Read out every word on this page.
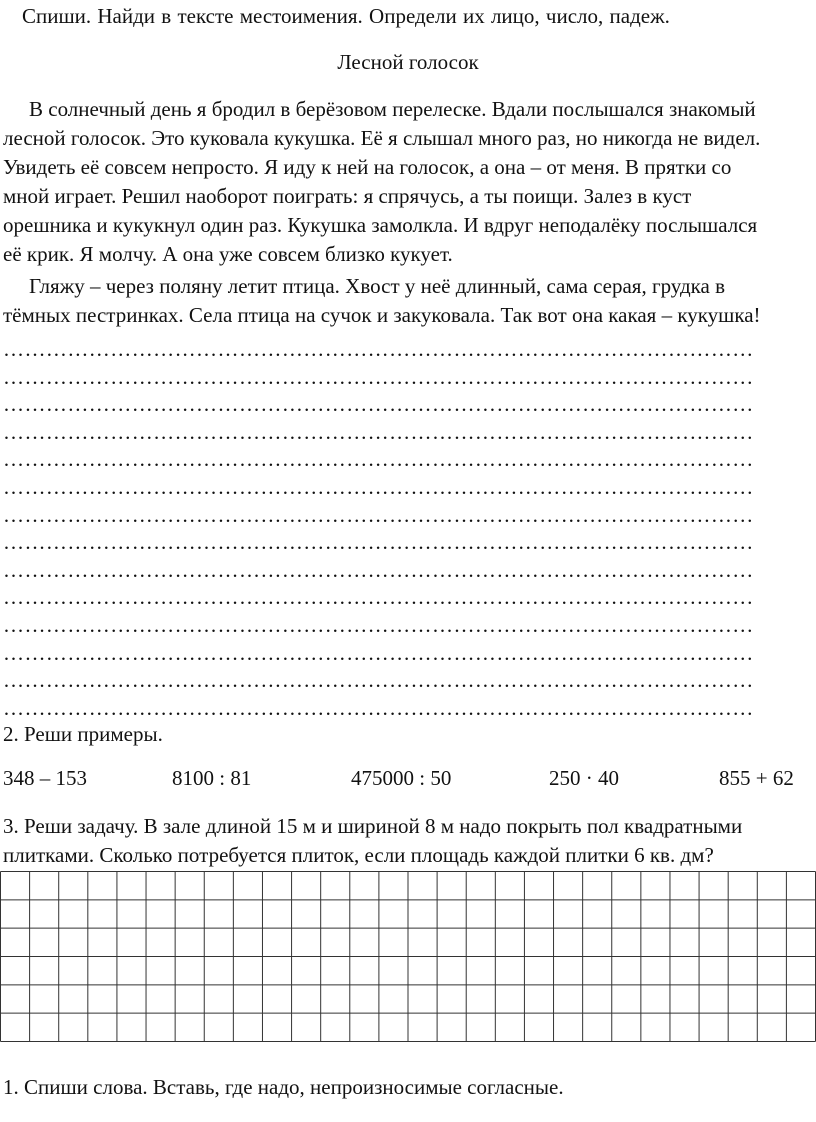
Спиши. Найди в тексте местоимения. Определи их лицо, число, падеж.
Лесной голосок
В солнечный день я бродил в берёзовом перелеске. Вдали послышался знакомый
лесной голосок. Это куковала кукушка. Её я слышал много раз, но никогда не видел.
Увидеть её совсем непросто. Я иду к ней на голосок, а она – от меня. В прятки со
мной играет. Решил наоборот поиграть: я спрячусь, а ты поищи. Залез в куст
орешника и кукукнул один раз. Кукушка замолкла. И вдруг неподалёку послышался
её крик. Я молчу. А она уже совсем близко кукует.
Гляжу – через поляну летит птица. Хвост у неё длинный, сама серая, грудка в
тёмных пестринках. Села птица на сучок и закуковала. Так вот она какая – кукушка!
……………………………………………………………………………………………
……………………………………………………………………………………………
……………………………………………………………………………………………
……………………………………………………………………………………………
……………………………………………………………………………………………
……………………………………………………………………………………………
……………………………………………………………………………………………
……………………………………………………………………………………………
……………………………………………………………………………………………
……………………………………………………………………………………………
……………………………………………………………………………………………
……………………………………………………………………………………………
……………………………………………………………………………………………
……………………………………………………………………………………………
2. Реши примеры.
348 – 153	8100 : 81	475000 : 50	250 · 40	855 + 62
3. Реши задачу. В зале длиной 15 м и шириной 8 м надо покрыть пол квадратными
плитками. Сколько потребуется плиток, если площадь каждой плитки 6 кв. дм?
1. Спиши слова. Вставь, где надо, непроизносимые согласные.
